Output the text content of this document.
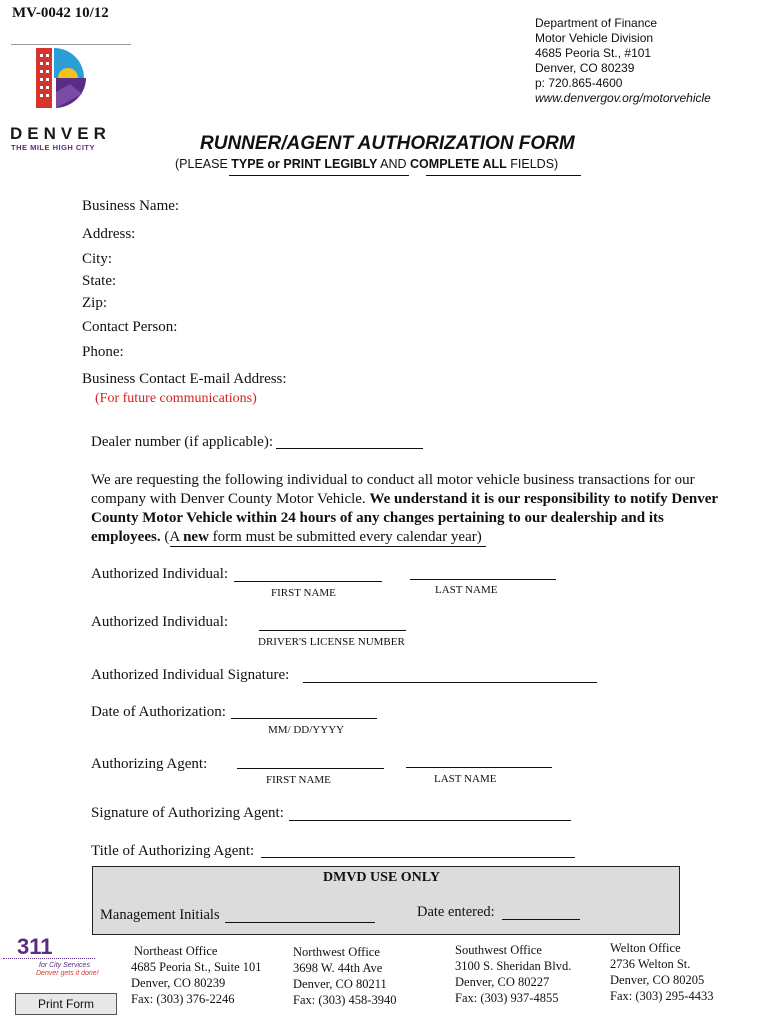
MV-0042 10/12
DENVER
THE MILE HIGH CITY
Department of Finance
Motor Vehicle Division
4685 Peoria St., #101
Denver, CO 80239
p: 720.865-4600
www.denvergov.org/motorvehicle
RUNNER/AGENT AUTHORIZATION FORM
(PLEASE TYPE or PRINT LEGIBLY AND COMPLETE ALL FIELDS)
Business Name:
Address:
City:
State:
Zip:
Contact Person:
Phone:
Business Contact E-mail Address:
(For future communications)
Dealer number (if applicable):
We are requesting the following individual to conduct all motor vehicle business transactions for our company with Denver County Motor Vehicle. We understand it is our responsibility to notify Denver County Motor Vehicle within 24 hours of any changes pertaining to our dealership and its employees. (A new form must be submitted every calendar year)
Authorized Individual:
FIRST NAME	LAST NAME
Authorized Individual:
DRIVER'S LICENSE NUMBER
Authorized Individual Signature:
Date of Authorization:
MM/ DD/YYYY
Authorizing Agent:
FIRST NAME	LAST NAME
Signature of Authorizing Agent:
Title of Authorizing Agent:
DMVD USE ONLY
Management Initials	Date entered:
311
for City Services
Denver gets it done!
Northeast Office
4685 Peoria St., Suite 101
Denver, CO 80239
Fax: (303) 376-2246
Northwest Office
3698 W. 44th Ave
Denver, CO 80211
Fax: (303) 458-3940
Southwest Office
3100 S. Sheridan Blvd.
Denver, CO 80227
Fax: (303) 937-4855
Welton Office
2736 Welton St.
Denver, CO 80205
Fax: (303) 295-4433
Print Form
